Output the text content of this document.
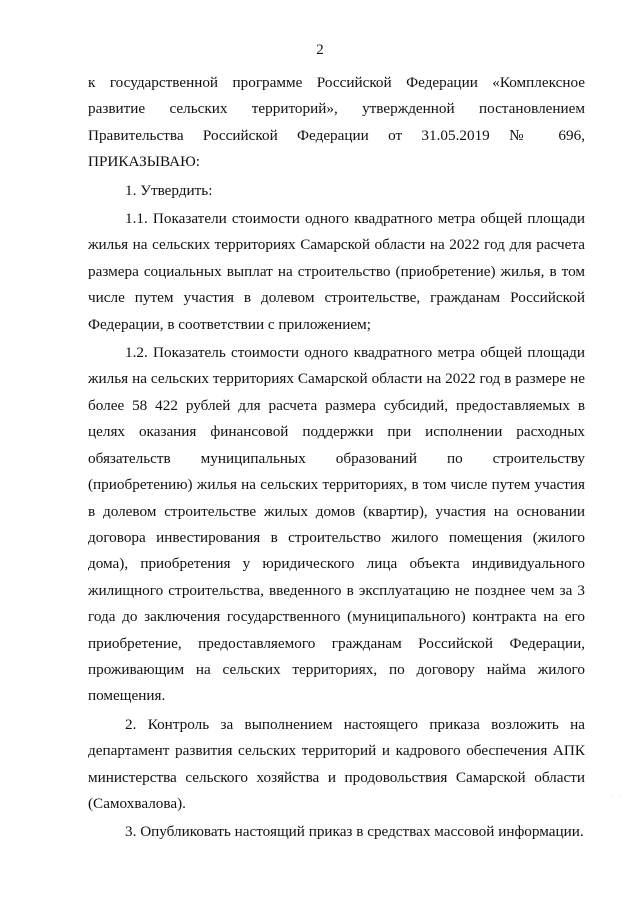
2

к государственной программе Российской Федерации «Комплексное развитие сельских территорий», утвержденной постановлением Правительства Российской Федерации от 31.05.2019 № 696,

ПРИКАЗЫВАЮ:

1. Утвердить:

1.1. Показатели стоимости одного квадратного метра общей площади жилья на сельских территориях Самарской области на 2022 год для расчета размера социальных выплат на строительство (приобретение) жилья, в том числе путем участия в долевом строительстве, гражданам Российской Федерации, в соответствии с приложением;

1.2. Показатель стоимости одного квадратного метра общей площади жилья на сельских территориях Самарской области на 2022 год в размере не более 58 422 рублей для расчета размера субсидий, предоставляемых в целях оказания финансовой поддержки при исполнении расходных обязательств муниципальных образований по строительству (приобретению) жилья на сельских территориях, в том числе путем участия в долевом строительстве жилых домов (квартир), участия на основании договора инвестирования в строительство жилого помещения (жилого дома), приобретения у юридического лица объекта индивидуального жилищного строительства, введенного в эксплуатацию не позднее чем за 3 года до заключения государственного (муниципального) контракта на его приобретение, предоставляемого гражданам Российской Федерации, проживающим на сельских территориях, по договору найма жилого помещения.

2. Контроль за выполнением настоящего приказа возложить на департамент развития сельских территорий и кадрового обеспечения АПК министерства сельского хозяйства и продовольствия Самарской области (Самохвалова).

3. Опубликовать настоящий приказ в средствах массовой информации.

· ·
